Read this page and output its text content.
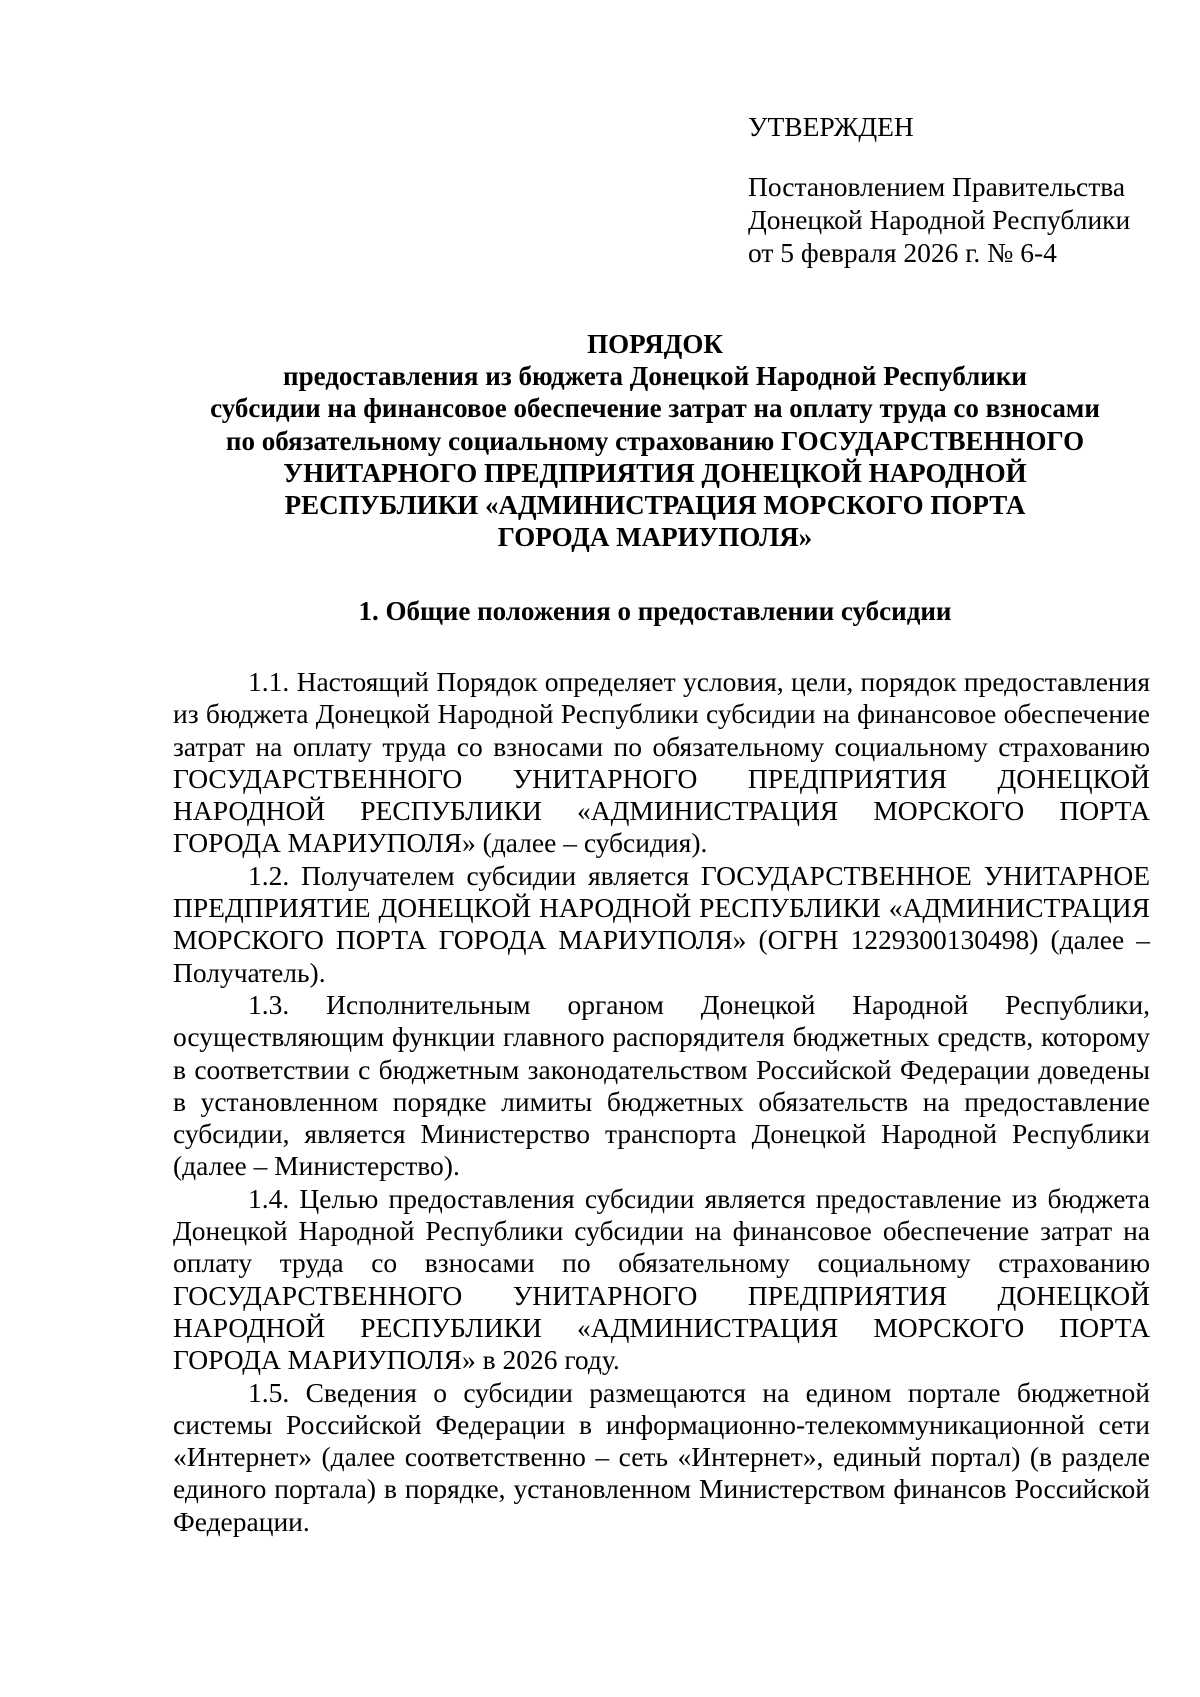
УТВЕРЖДЕН
Постановлением Правительства
Донецкой Народной Республики
от 5 февраля 2026 г. № 6-4
ПОРЯДОК
предоставления из бюджета Донецкой Народной Республики
субсидии на финансовое обеспечение затрат на оплату труда со взносами
по обязательному социальному страхованию ГОСУДАРСТВЕННОГО
УНИТАРНОГО ПРЕДПРИЯТИЯ ДОНЕЦКОЙ НАРОДНОЙ
РЕСПУБЛИКИ «АДМИНИСТРАЦИЯ МОРСКОГО ПОРТА
ГОРОДА МАРИУПОЛЯ»
1. Общие положения о предоставлении субсидии

1.1. Настоящий Порядок определяет условия, цели, порядок предоставления из бюджета Донецкой Народной Республики субсидии на финансовое обеспечение затрат на оплату труда со взносами по обязательному социальному страхованию ГОСУДАРСТВЕННОГО УНИТАРНОГО ПРЕДПРИЯТИЯ ДОНЕЦКОЙ НАРОДНОЙ РЕСПУБЛИКИ «АДМИНИСТРАЦИЯ МОРСКОГО ПОРТА ГОРОДА МАРИУПОЛЯ» (далее – субсидия).

1.2. Получателем субсидии является ГОСУДАРСТВЕННОЕ УНИТАРНОЕ ПРЕДПРИЯТИЕ ДОНЕЦКОЙ НАРОДНОЙ РЕСПУБЛИКИ «АДМИНИСТРАЦИЯ МОРСКОГО ПОРТА ГОРОДА МАРИУПОЛЯ» (ОГРН 1229300130498) (далее – Получатель).

1.3. Исполнительным органом Донецкой Народной Республики, осуществляющим функции главного распорядителя бюджетных средств, которому в соответствии с бюджетным законодательством Российской Федерации доведены в установленном порядке лимиты бюджетных обязательств на предоставление субсидии, является Министерство транспорта Донецкой Народной Республики (далее – Министерство).

1.4. Целью предоставления субсидии является предоставление из бюджета Донецкой Народной Республики субсидии на финансовое обеспечение затрат на оплату труда со взносами по обязательному социальному страхованию ГОСУДАРСТВЕННОГО УНИТАРНОГО ПРЕДПРИЯТИЯ ДОНЕЦКОЙ НАРОДНОЙ РЕСПУБЛИКИ «АДМИНИСТРАЦИЯ МОРСКОГО ПОРТА ГОРОДА МАРИУПОЛЯ» в 2026 году.

1.5. Сведения о субсидии размещаются на едином портале бюджетной системы Российской Федерации в информационно-телекоммуникационной сети «Интернет» (далее соответственно – сеть «Интернет», единый портал) (в разделе единого портала) в порядке, установленном Министерством финансов Российской Федерации.
